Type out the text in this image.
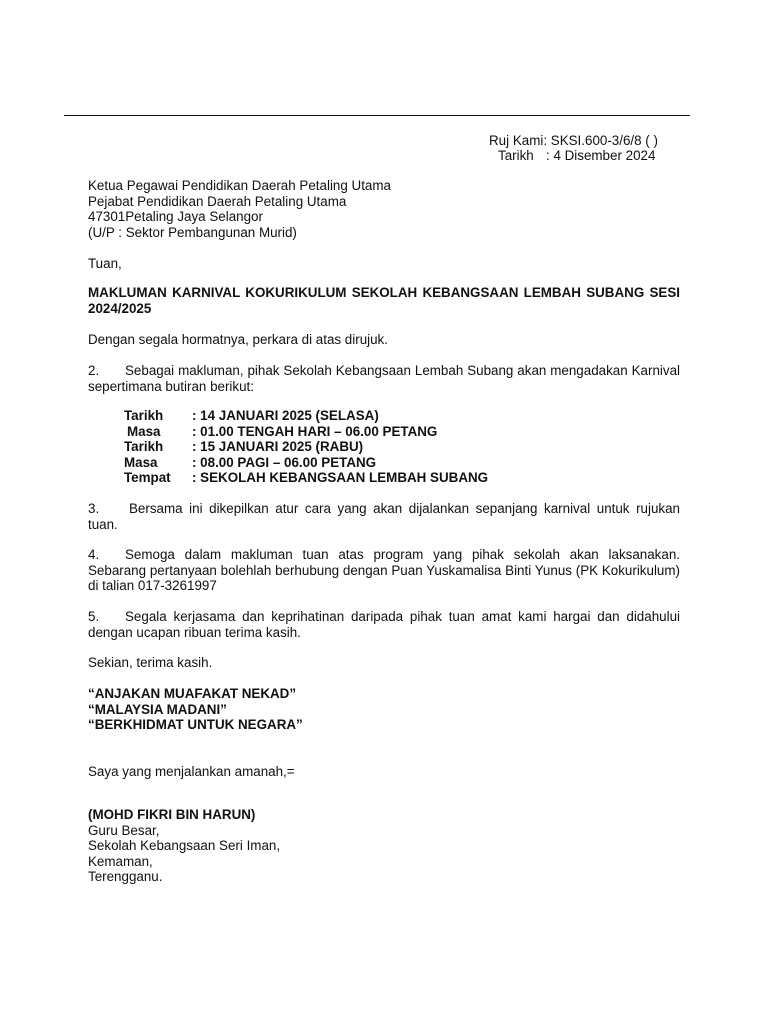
Ruj Kami: SKSI.600-3/6/8 ( )
Tarikh : 4 Disember 2024
Ketua Pegawai Pendidikan Daerah Petaling Utama
Pejabat Pendidikan Daerah Petaling Utama
47301Petaling Jaya Selangor
(U/P : Sektor Pembangunan Murid)
Tuan,
MAKLUMAN KARNIVAL KOKURIKULUM SEKOLAH KEBANGSAAN LEMBAH SUBANG SESI 2024/2025
Dengan segala hormatnya, perkara di atas dirujuk.
2. Sebagai makluman, pihak Sekolah Kebangsaan Lembah Subang akan mengadakan Karnival sepertimana butiran berikut:
Tarikh : 14 JANUARI 2025 (SELASA)
Masa : 01.00 TENGAH HARI – 06.00 PETANG
Tarikh : 15 JANUARI 2025 (RABU)
Masa	: 08.00 PAGI – 06.00 PETANG
Tempat : SEKOLAH KEBANGSAAN LEMBAH SUBANG
3. Bersama ini dikepilkan atur cara yang akan dijalankan sepanjang karnival untuk rujukan tuan.
4. Semoga dalam makluman tuan atas program yang pihak sekolah akan laksanakan. Sebarang pertanyaan bolehlah berhubung dengan Puan Yuskamalisa Binti Yunus (PK Kokurikulum) di talian 017-3261997
5. Segala kerjasama dan keprihatinan daripada pihak tuan amat kami hargai dan didahului dengan ucapan ribuan terima kasih.
Sekian, terima kasih.
“ANJAKAN MUAFAKAT NEKAD”
“MALAYSIA MADANI”
“BERKHIDMAT UNTUK NEGARA”
Saya yang menjalankan amanah,=
(MOHD FIKRI BIN HARUN)
Guru Besar,
Sekolah Kebangsaan Seri Iman,
Kemaman,
Terengganu.
